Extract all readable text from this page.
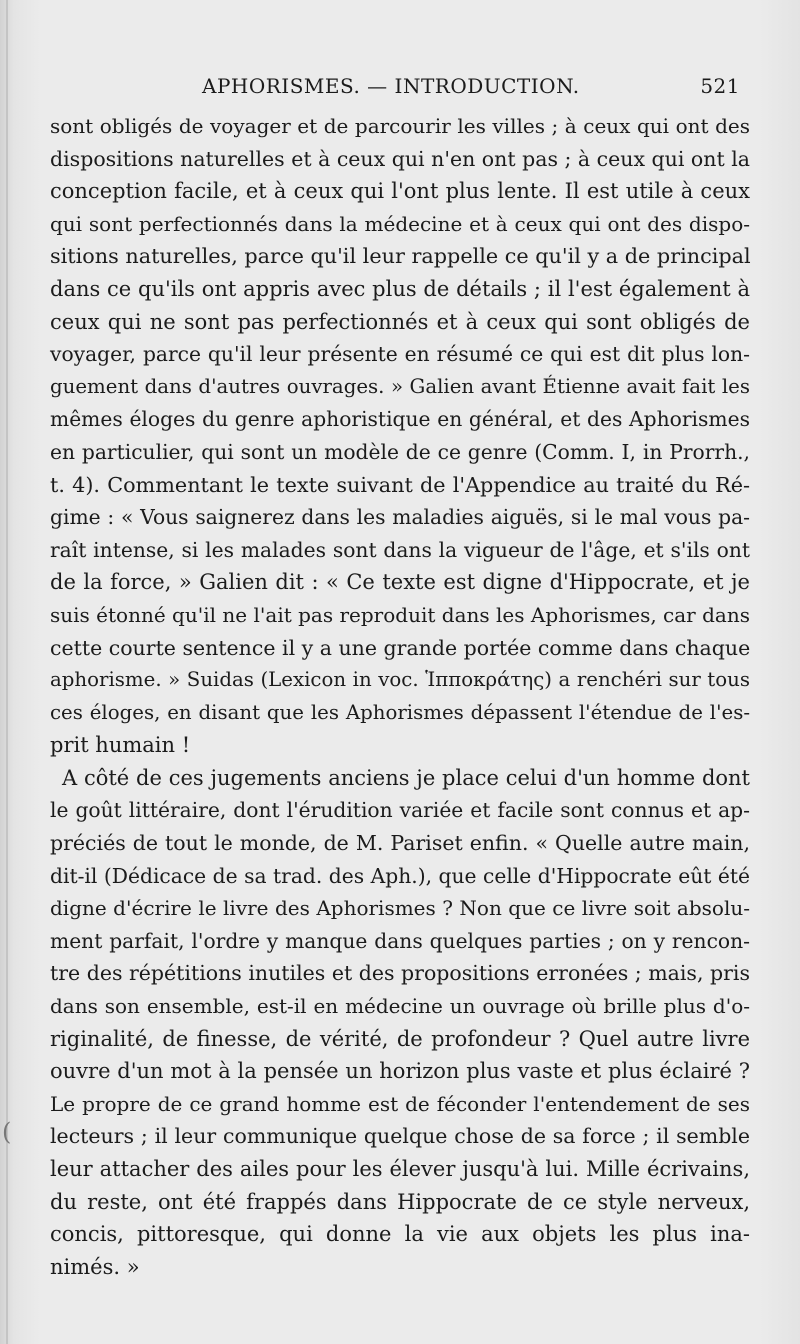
APHORISMES. — INTRODUCTION.	521
sont obligés de voyager et de parcourir les villes ; à ceux qui ont des
dispositions naturelles et à ceux qui n'en ont pas ; à ceux qui ont la
conception facile, et à ceux qui l'ont plus lente. Il est utile à ceux
qui sont perfectionnés dans la médecine et à ceux qui ont des dispo-
sitions naturelles, parce qu'il leur rappelle ce qu'il y a de principal
dans ce qu'ils ont appris avec plus de détails ; il l'est également à
ceux qui ne sont pas perfectionnés et à ceux qui sont obligés de
voyager, parce qu'il leur présente en résumé ce qui est dit plus lon-
guement dans d'autres ouvrages. » Galien avant Étienne avait fait les
mêmes éloges du genre aphoristique en général, et des Aphorismes
en particulier, qui sont un modèle de ce genre (Comm. I, in Prorrh.,
t. 4). Commentant le texte suivant de l'Appendice au traité du Ré-
gime : « Vous saignerez dans les maladies aiguës, si le mal vous pa-
raît intense, si les malades sont dans la vigueur de l'âge, et s'ils ont
de la force, » Galien dit : « Ce texte est digne d'Hippocrate, et je
suis étonné qu'il ne l'ait pas reproduit dans les Aphorismes, car dans
cette courte sentence il y a une grande portée comme dans chaque
aphorisme. » Suidas (Lexicon in voc. Ἱπποκράτης) a renchéri sur tous
ces éloges, en disant que les Aphorismes dépassent l'étendue de l'es-
prit humain !
A côté de ces jugements anciens je place celui d'un homme dont
le goût littéraire, dont l'érudition variée et facile sont connus et ap-
préciés de tout le monde, de M. Pariset enfin. « Quelle autre main,
dit-il (Dédicace de sa trad. des Aph.), que celle d'Hippocrate eût été
digne d'écrire le livre des Aphorismes ? Non que ce livre soit absolu-
ment parfait, l'ordre y manque dans quelques parties ; on y rencon-
tre des répétitions inutiles et des propositions erronées ; mais, pris
dans son ensemble, est-il en médecine un ouvrage où brille plus d'o-
riginalité, de finesse, de vérité, de profondeur ? Quel autre livre
ouvre d'un mot à la pensée un horizon plus vaste et plus éclairé ?
Le propre de ce grand homme est de féconder l'entendement de ses
lecteurs ; il leur communique quelque chose de sa force ; il semble
leur attacher des ailes pour les élever jusqu'à lui. Mille écrivains,
du reste, ont été frappés dans Hippocrate de ce style nerveux,
concis, pittoresque, qui donne la vie aux objets les plus ina-
nimés. »
(
